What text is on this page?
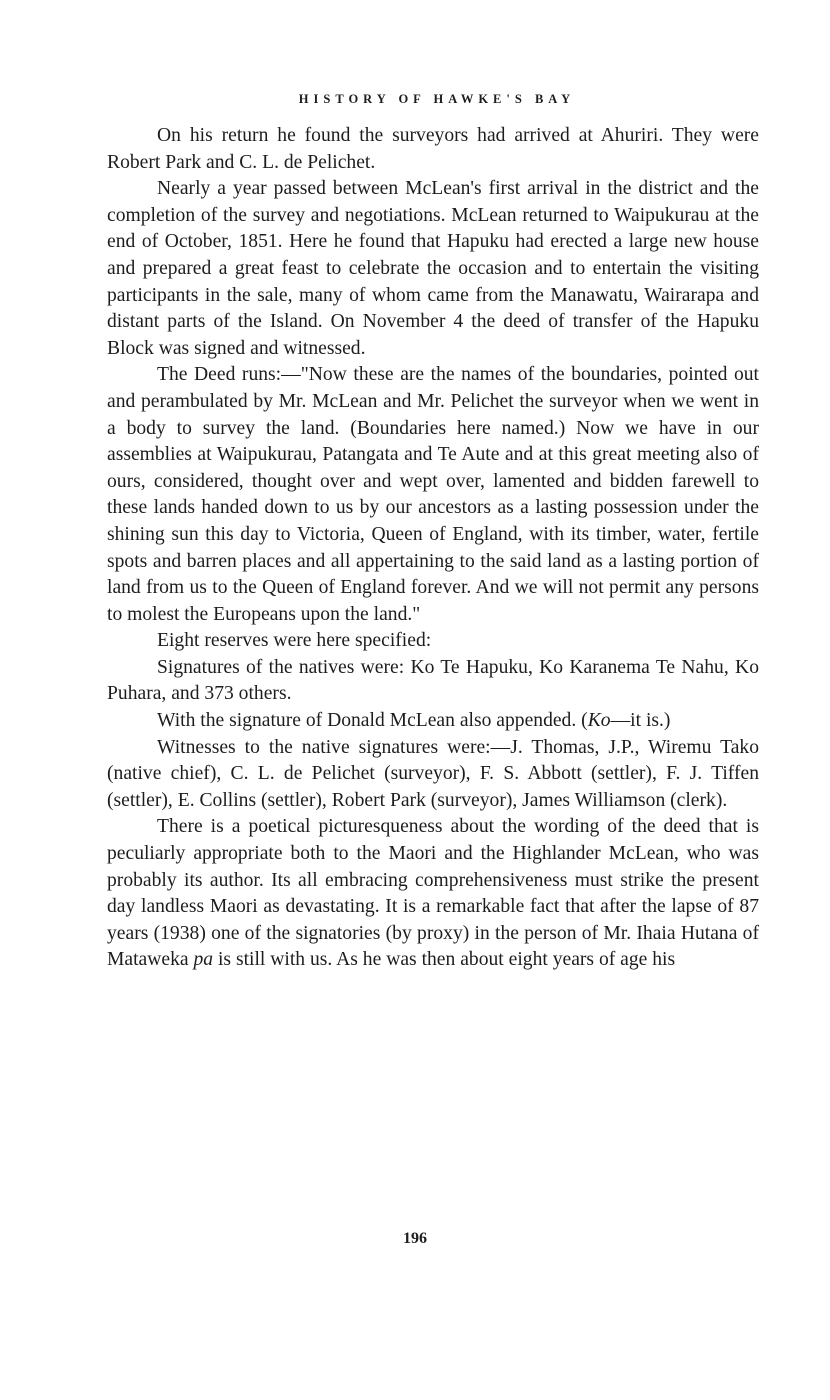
HISTORY OF HAWKE'S BAY

On his return he found the surveyors had arrived at Ahuriri. They were Robert Park and C. L. de Pelichet.

Nearly a year passed between McLean's first arrival in the district and the completion of the survey and negotiations. McLean returned to Waipukurau at the end of October, 1851. Here he found that Hapuku had erected a large new house and prepared a great feast to celebrate the occasion and to entertain the visiting participants in the sale, many of whom came from the Manawatu, Wairarapa and distant parts of the Island. On November 4 the deed of transfer of the Hapuku Block was signed and witnessed.

The Deed runs:—"Now these are the names of the boundaries, pointed out and perambulated by Mr. McLean and Mr. Pelichet the surveyor when we went in a body to survey the land. (Boundaries here named.) Now we have in our assemblies at Waipukurau, Patangata and Te Aute and at this great meeting also of ours, considered, thought over and wept over, lamented and bidden farewell to these lands handed down to us by our ancestors as a lasting possession under the shining sun this day to Victoria, Queen of England, with its timber, water, fertile spots and barren places and all appertaining to the said land as a lasting portion of land from us to the Queen of England forever. And we will not permit any persons to molest the Europeans upon the land."

Eight reserves were here specified:

Signatures of the natives were: Ko Te Hapuku, Ko Karanema Te Nahu, Ko Puhara, and 373 others.

With the signature of Donald McLean also appended. (Ko—it is.)

Witnesses to the native signatures were:—J. Thomas, J.P., Wiremu Tako (native chief), C. L. de Pelichet (surveyor), F. S. Abbott (settler), F. J. Tiffen (settler), E. Collins (settler), Robert Park (surveyor), James Williamson (clerk).

There is a poetical picturesqueness about the wording of the deed that is peculiarly appropriate both to the Maori and the Highlander McLean, who was probably its author. Its all embracing comprehensiveness must strike the present day landless Maori as devastating. It is a remarkable fact that after the lapse of 87 years (1938) one of the signatories (by proxy) in the person of Mr. Ihaia Hutana of Mataweka pa is still with us. As he was then about eight years of age his

196
